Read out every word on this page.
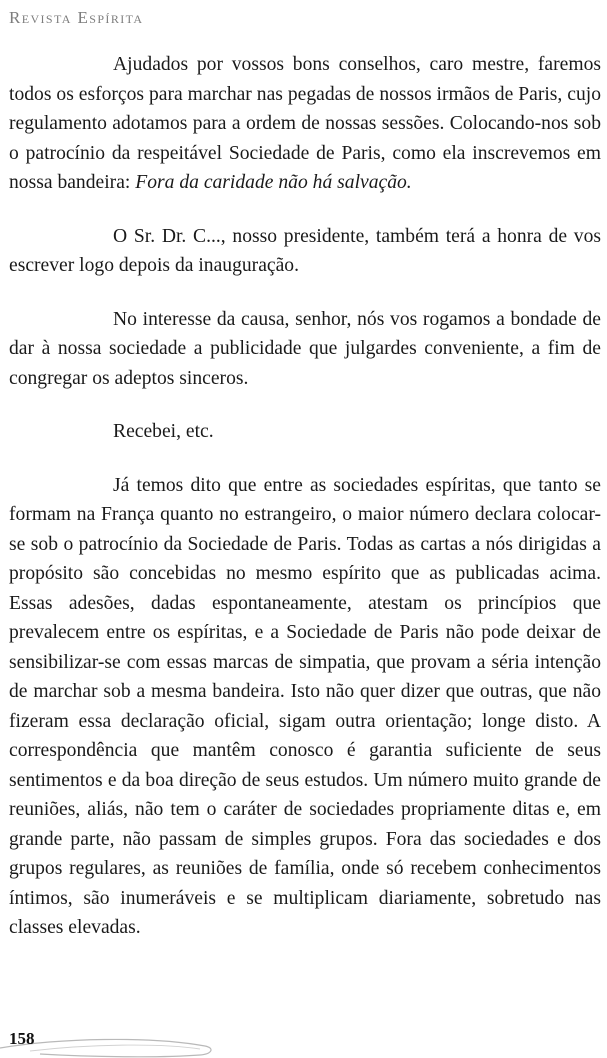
Revista Espírita

Ajudados por vossos bons conselhos, caro mestre, faremos todos os esforços para marchar nas pegadas de nossos irmãos de Paris, cujo regulamento adotamos para a ordem de nossas sessões. Colocando-nos sob o patrocínio da respeitável Sociedade de Paris, como ela inscrevemos em nossa bandeira: Fora da caridade não há salvação.

O Sr. Dr. C..., nosso presidente, também terá a honra de vos escrever logo depois da inauguração.

No interesse da causa, senhor, nós vos rogamos a bondade de dar à nossa sociedade a publicidade que julgardes conveniente, a fim de congregar os adeptos sinceros.

Recebei, etc.

Já temos dito que entre as sociedades espíritas, que tanto se formam na França quanto no estrangeiro, o maior número declara colocar-se sob o patrocínio da Sociedade de Paris. Todas as cartas a nós dirigidas a propósito são concebidas no mesmo espírito que as publicadas acima. Essas adesões, dadas espontaneamente, atestam os princípios que prevalecem entre os espíritas, e a Sociedade de Paris não pode deixar de sensibilizar-se com essas marcas de simpatia, que provam a séria intenção de marchar sob a mesma bandeira. Isto não quer dizer que outras, que não fizeram essa declaração oficial, sigam outra orientação; longe disto. A correspondência que mantêm conosco é garantia suficiente de seus sentimentos e da boa direção de seus estudos. Um número muito grande de reuniões, aliás, não tem o caráter de sociedades propriamente ditas e, em grande parte, não passam de simples grupos. Fora das sociedades e dos grupos regulares, as reuniões de família, onde só recebem conhecimentos íntimos, são inumeráveis e se multiplicam diariamente, sobretudo nas classes elevadas.

158
